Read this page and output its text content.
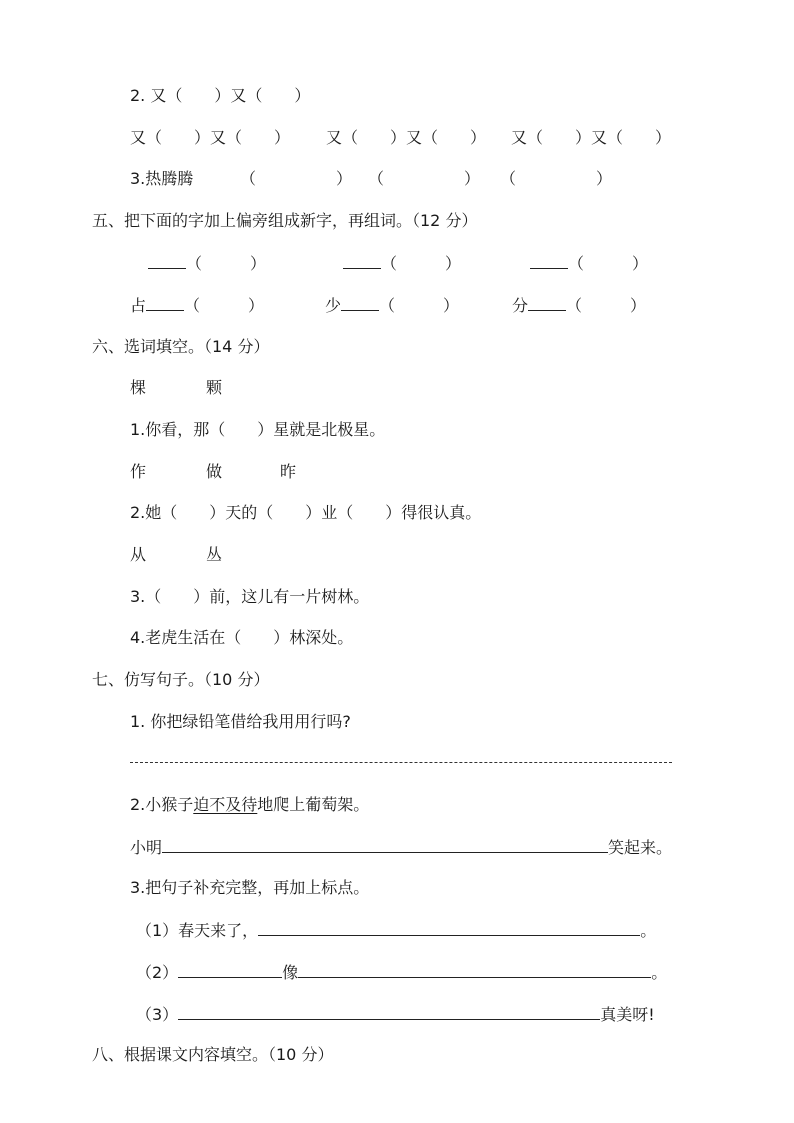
2. 又（　　）又（　　）
又（　　）又（　　） 又（　　）又（　　） 又（　　）又（　　）
3.热腾腾	（　　　　　） （　　　　　） （　　　　　）
五、把下面的字加上偏旁组成新字，再组词。（12 分）
（　　　）	（　　　）	（　　　）
占 （　　　）	少 （　　　）	分 （　　　）
六、选词填空。（14 分）
棵	颗
1.你看，那（　　）星就是北极星。
作	做	昨
2.她（　　）天的（　　）业（　　）得很认真。
从	丛
3.（　　）前，这儿有一片树林。
4.老虎生活在（　　）林深处。
七、仿写句子。（10 分）
1. 你把绿铅笔借给我用用行吗?
2.小猴子迫不及待地爬上葡萄架。
小明	笑起来。
3.把句子补充完整，再加上标点。
（1）春天来了，	。
（2）	像	。
（3）	真美呀!
八、根据课文内容填空。（10 分）
